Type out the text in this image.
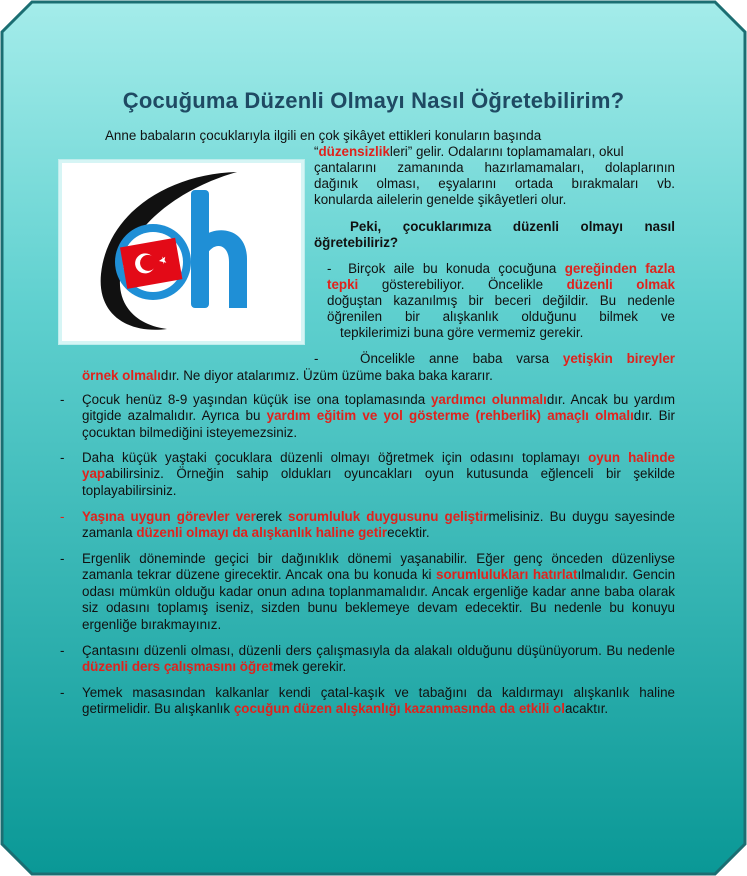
Çocuğuma Düzenli Olmayı Nasıl Öğretebilirim?
Anne babaların çocuklarıyla ilgili en çok şikâyet ettikleri konuların başında
“düzensizlikleri” gelir. Odalarını toplamamaları, okul
çantalarını zamanında hazırlamamaları, dolaplarının
dağınık olması, eşyalarını ortada bırakmaları vb.
konularda ailelerin genelde şikâyetleri olur.
Peki, çocuklarımıza düzenli olmayı nasıl
öğretebiliriz?
- Birçok aile bu konuda çocuğuna gereğinden fazla
tepki gösterebiliyor. Öncelikle düzenli olmak
doğuştan kazanılmış bir beceri değildir. Bu nedenle
öğrenilen bir alışkanlık olduğunu bilmek ve
tepkilerimizi buna göre vermemiz gerekir.
-	Öncelikle anne baba varsa yetişkin bireyler
örnek olmalıdır. Ne diyor atalarımız. Üzüm üzüme baka baka kararır.
Çocuk henüz 8-9 yaşından küçük ise ona toplamasında yardımcı olunmalıdır. Ancak bu yardım gitgide azalmalıdır. Ayrıca bu yardım eğitim ve yol gösterme (rehberlik) amaçlı olmalıdır. Bir çocuktan bilmediğini isteyemezsiniz.
Daha küçük yaştaki çocuklara düzenli olmayı öğretmek için odasını toplamayı oyun halinde yapabilirsiniz. Örneğin sahip oldukları oyuncakları oyun kutusunda eğlenceli bir şekilde toplayabilirsiniz.
Yaşına uygun görevler vererek sorumluluk duygusunu geliştirmelisiniz. Bu duygu sayesinde zamanla düzenli olmayı da alışkanlık haline getirecektir.
Ergenlik döneminde geçici bir dağınıklık dönemi yaşanabilir. Eğer genç önceden düzenliyse zamanla tekrar düzene girecektir. Ancak ona bu konuda ki sorumlulukları hatırlatılmalıdır. Gencin odası mümkün olduğu kadar onun adına toplanmamalıdır. Ancak ergenliğe kadar anne baba olarak siz odasını toplamış iseniz, sizden bunu beklemeye devam edecektir. Bu nedenle bu konuyu ergenliğe bırakmayınız.
Çantasını düzenli olması, düzenli ders çalışmasıyla da alakalı olduğunu düşünüyorum. Bu nedenle düzenli ders çalışmasını öğretmek gerekir.
Yemek masasından kalkanlar kendi çatal-kaşık ve tabağını da kaldırmayı alışkanlık haline getirmelidir. Bu alışkanlık çocuğun düzen alışkanlığı kazanmasında da etkili olacaktır.
-
-
-
-
-
-
